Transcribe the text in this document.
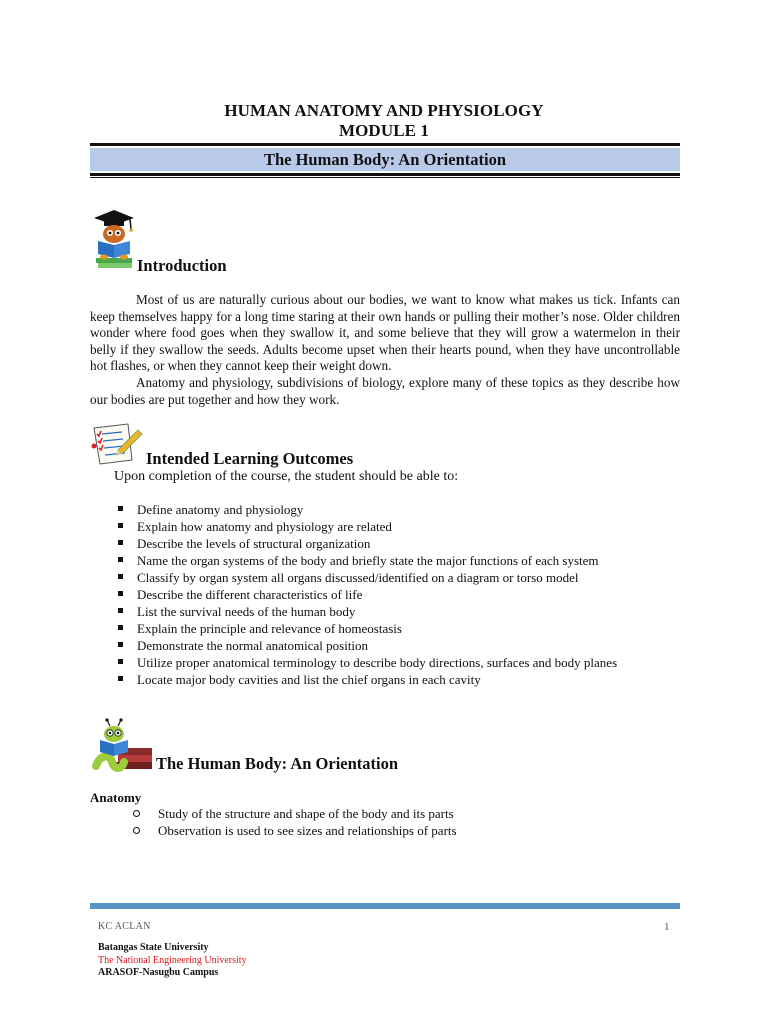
HUMAN ANATOMY AND PHYSIOLOGY
MODULE 1
The Human Body: An Orientation
Introduction

Most of us are naturally curious about our bodies, we want to know what makes us tick. Infants can keep themselves happy for a long time staring at their own hands or pulling their mother’s nose. Older children wonder where food goes when they swallow it, and some believe that they will grow a watermelon in their belly if they swallow the seeds. Adults become upset when their hearts pound, when they have uncontrollable hot flashes, or when they cannot keep their weight down.

Anatomy and physiology, subdivisions of biology, explore many of these topics as they describe how our bodies are put together and how they work.

Intended Learning Outcomes
Upon completion of the course, the student should be able to:
Define anatomy and physiology
Explain how anatomy and physiology are related
Describe the levels of structural organization
Name the organ systems of the body and briefly state the major functions of each system
Classify by organ system all organs discussed/identified on a diagram or torso model
Describe the different characteristics of life
List the survival needs of the human body
Explain the principle and relevance of homeostasis
Demonstrate the normal anatomical position
Utilize proper anatomical terminology to describe body directions, surfaces and body planes
Locate major body cavities and list the chief organs in each cavity
The Human Body: An Orientation
Anatomy
Study of the structure and shape of the body and its parts
Observation is used to see sizes and relationships of parts
KC ACLAN	1
Batangas State University
The National Engineering University
ARASOF-Nasugbu Campus
